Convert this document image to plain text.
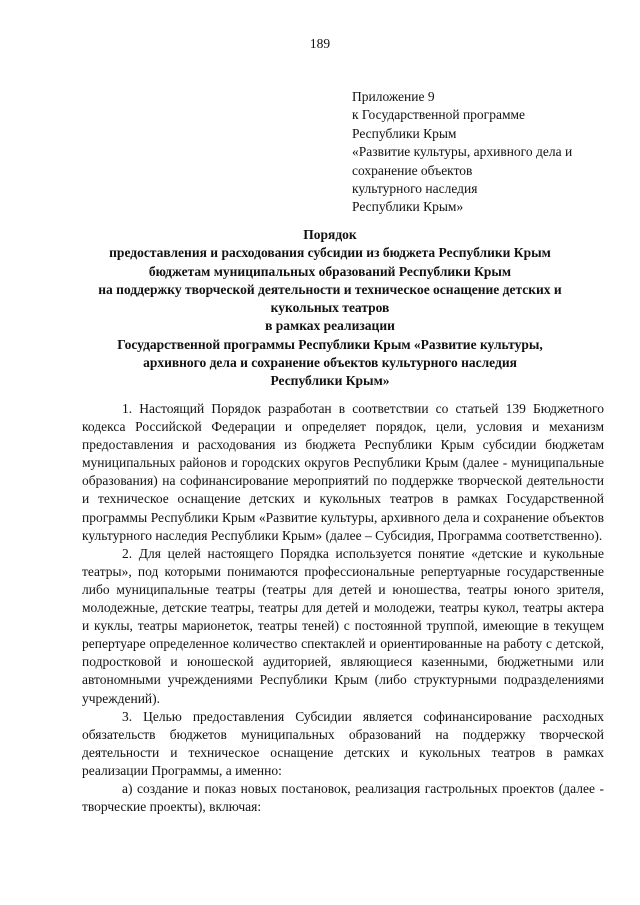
189
Приложение 9
к Государственной программе
Республики Крым
«Развитие культуры, архивного дела и
сохранение объектов
культурного наследия
Республики Крым»
Порядок
предоставления и расходования субсидии из бюджета Республики Крым
бюджетам муниципальных образований Республики Крым
на поддержку творческой деятельности и техническое оснащение детских и
кукольных театров
в рамках реализации
Государственной программы Республики Крым «Развитие культуры,
архивного дела и сохранение объектов культурного наследия
Республики Крым»

1. Настоящий Порядок разработан в соответствии со статьей 139 Бюджетного кодекса Российской Федерации и определяет порядок, цели, условия и механизм предоставления и расходования из бюджета Республики Крым субсидии бюджетам муниципальных районов и городских округов Республики Крым (далее - муниципальные образования) на софинансирование мероприятий по поддержке творческой деятельности и техническое оснащение детских и кукольных театров в рамках Государственной программы Республики Крым «Развитие культуры, архивного дела и сохранение объектов культурного наследия Республики Крым» (далее – Субсидия, Программа соответственно).

2. Для целей настоящего Порядка используется понятие «детские и кукольные театры», под которыми понимаются профессиональные репертуарные государственные либо муниципальные театры (театры для детей и юношества, театры юного зрителя, молодежные, детские театры, театры для детей и молодежи, театры кукол, театры актера и куклы, театры марионеток, театры теней) с постоянной труппой, имеющие в текущем репертуаре определенное количество спектаклей и ориентированные на работу с детской, подростковой и юношеской аудиторией, являющиеся казенными, бюджетными или автономными учреждениями Республики Крым (либо структурными подразделениями учреждений).

3. Целью предоставления Субсидии является софинансирование расходных обязательств бюджетов муниципальных образований на поддержку творческой деятельности и техническое оснащение детских и кукольных театров в рамках реализации Программы, а именно:

а) создание и показ новых постановок, реализация гастрольных проектов (далее - творческие проекты), включая:
